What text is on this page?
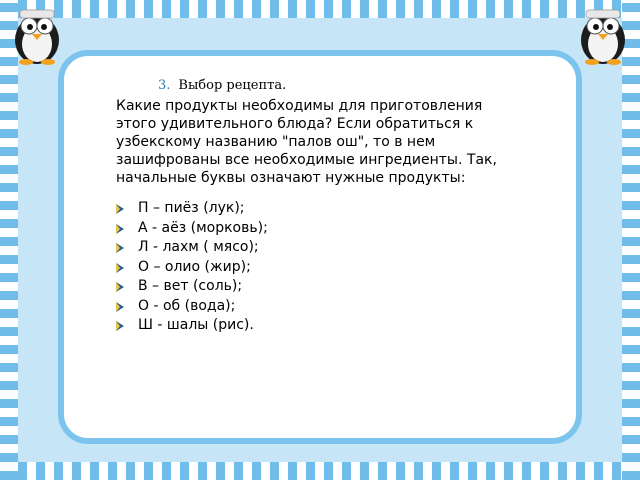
3. Выбор рецепта.
Какие продукты необходимы для приготовления этого удивительного блюда? Если обратиться к узбекскому названию "палов ош", то в нем зашифрованы все необходимые ингредиенты. Так, начальные буквы означают нужные продукты:
П – пиёз (лук);
А - аёз (морковь);
Л - лахм ( мясо);
О – олио (жир);
В – вет (соль);
О - об (вода);
Ш - шалы (рис).
